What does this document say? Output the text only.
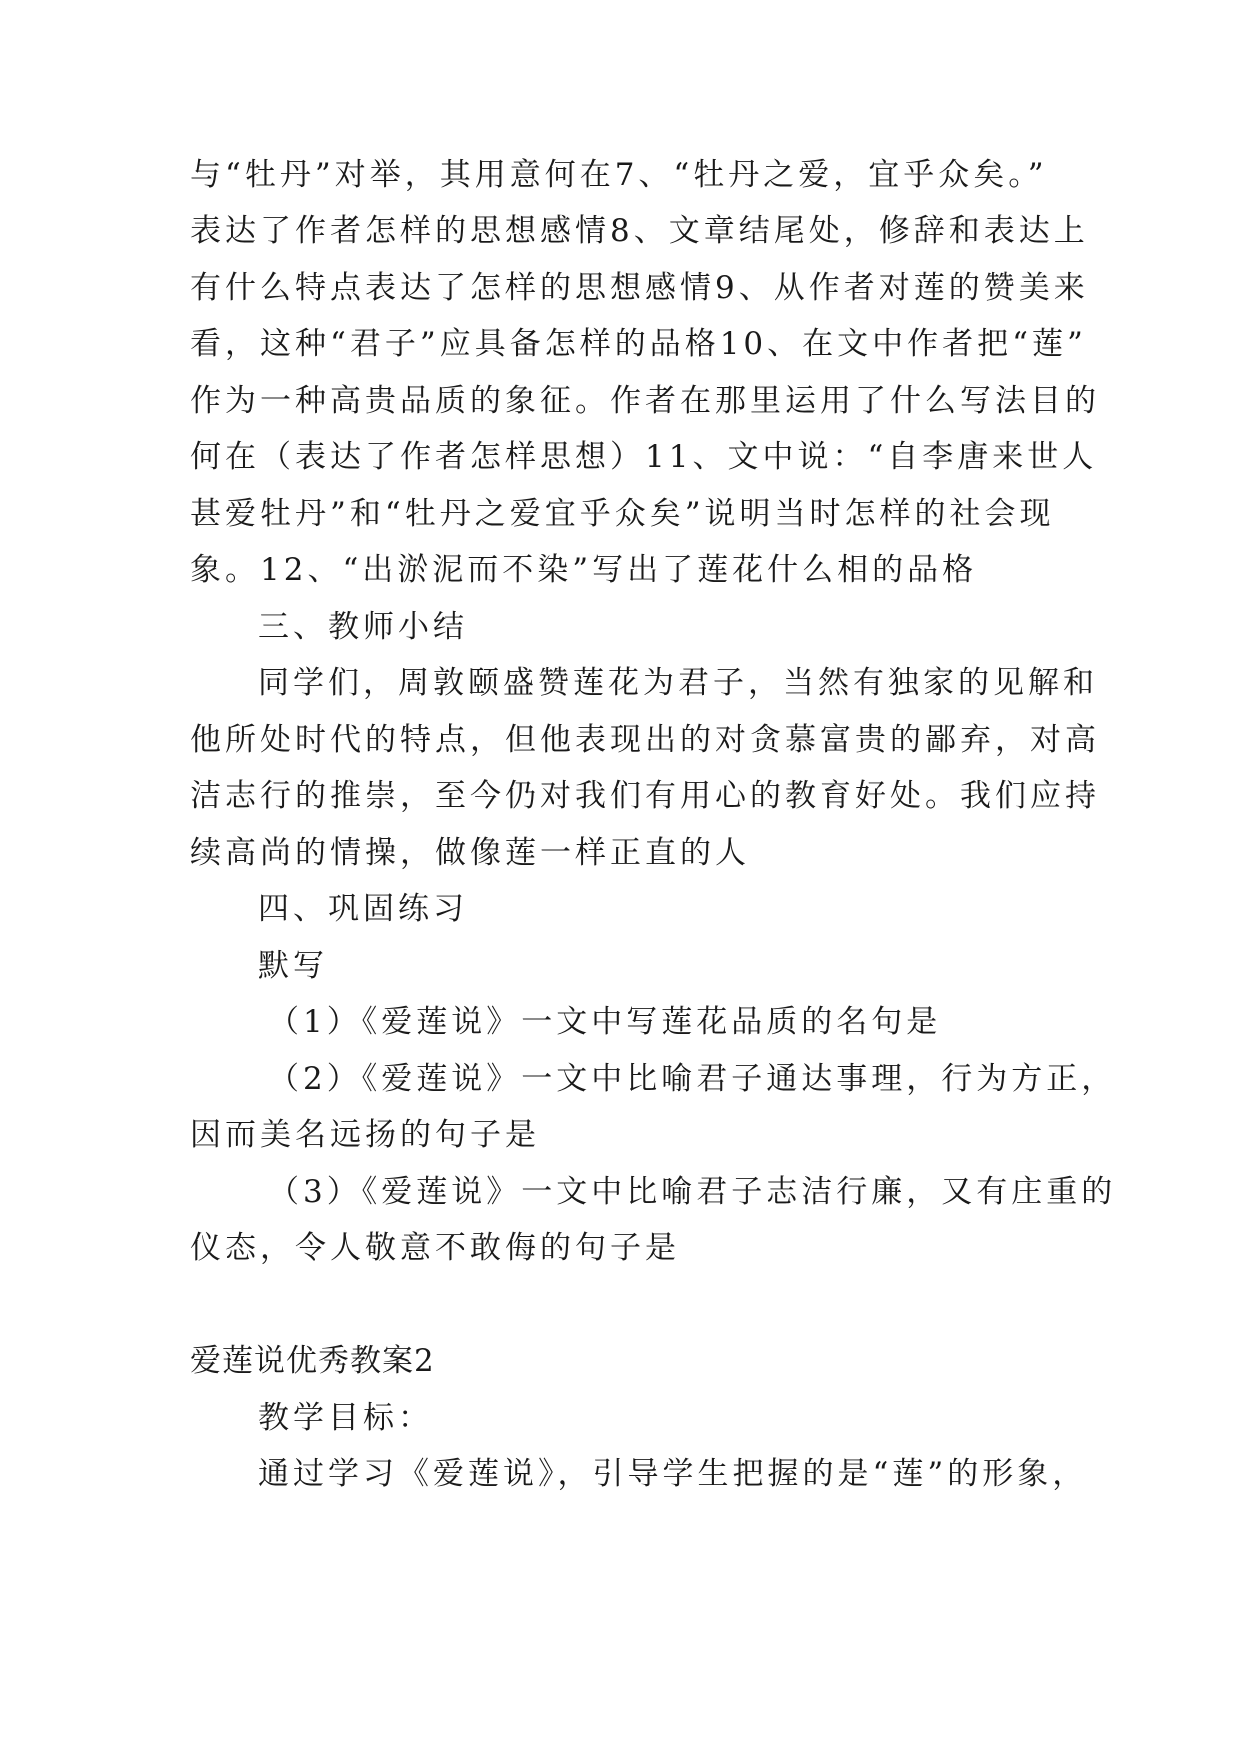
与“牡丹”对举，其用意何在7、“牡丹之爱，宜乎众矣。”
表达了作者怎样的思想感情8、文章结尾处，修辞和表达上
有什么特点表达了怎样的思想感情9、从作者对莲的赞美来
看，这种“君子”应具备怎样的品格10、在文中作者把“莲”
作为一种高贵品质的象征。作者在那里运用了什么写法目的
何在（表达了作者怎样思想）11、文中说：“自李唐来世人
甚爱牡丹”和“牡丹之爱宜乎众矣”说明当时怎样的社会现
象。12、“出淤泥而不染”写出了莲花什么相的品格
三、教师小结
同学们，周敦颐盛赞莲花为君子，当然有独家的见解和
他所处时代的特点，但他表现出的对贪慕富贵的鄙弃，对高
洁志行的推崇，至今仍对我们有用心的教育好处。我们应持
续高尚的情操，做像莲一样正直的人
四、巩固练习
默写
（1）《爱莲说》一文中写莲花品质的名句是
（2）《爱莲说》一文中比喻君子通达事理，行为方正，
因而美名远扬的句子是
（3）《爱莲说》一文中比喻君子志洁行廉，又有庄重的
仪态，令人敬意不敢侮的句子是
爱莲说优秀教案2
教学目标：
通过学习《爱莲说》，引导学生把握的是“莲”的形象，
